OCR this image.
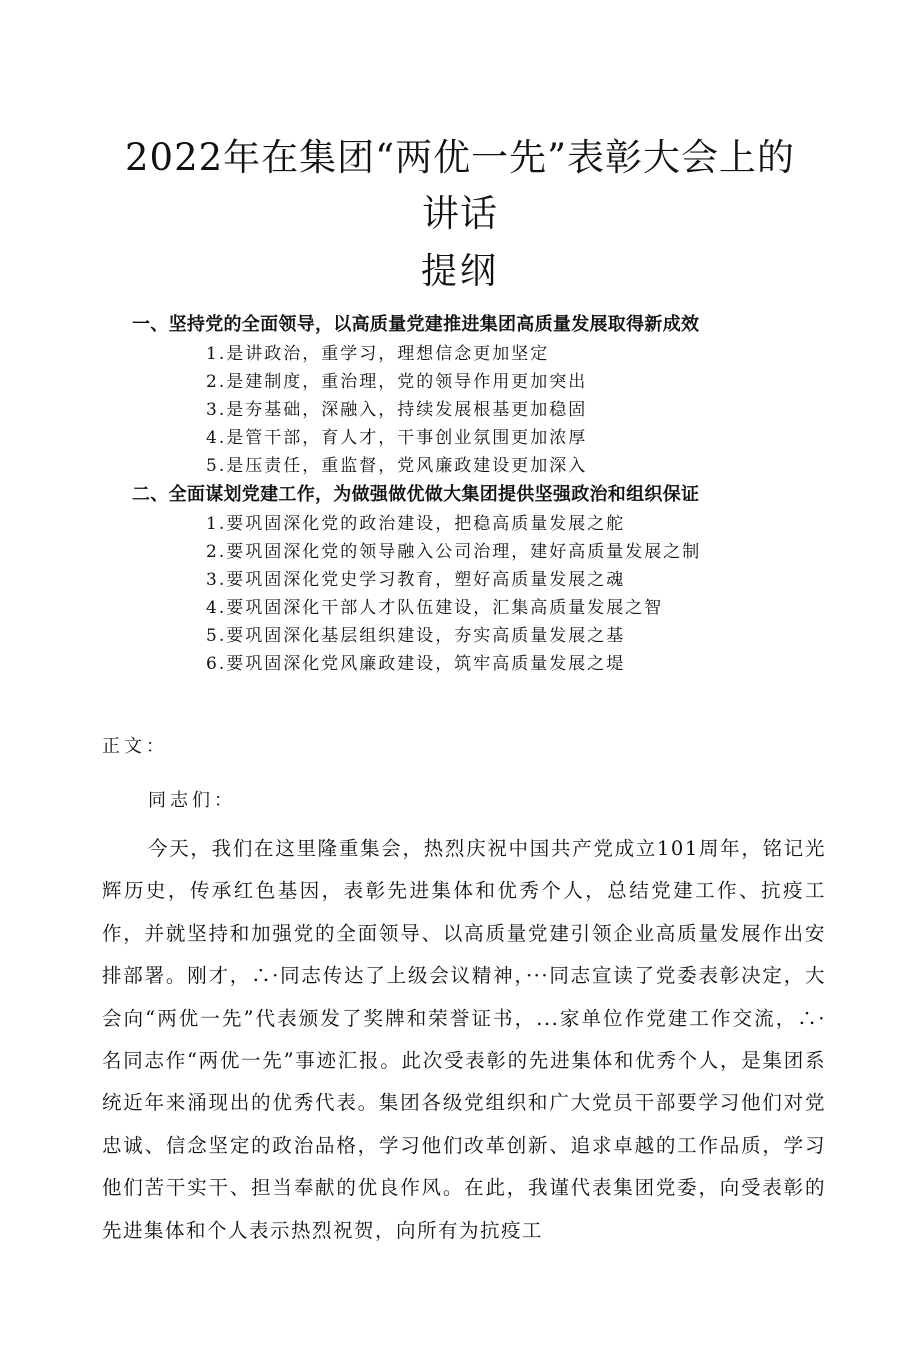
2022年在集团“两优一先”表彰大会上的
讲话
提纲
一、坚持党的全面领导，以高质量党建推进集团高质量发展取得新成效

1.是讲政治，重学习，理想信念更加坚定

2.是建制度，重治理，党的领导作用更加突出

3.是夯基础，深融入，持续发展根基更加稳固

4.是管干部，育人才，干事创业氛围更加浓厚

5.是压责任，重监督，党风廉政建设更加深入

二、全面谋划党建工作，为做强做优做大集团提供坚强政治和组织保证

1.要巩固深化党的政治建设，把稳高质量发展之舵

2.要巩固深化党的领导融入公司治理，建好高质量发展之制

3.要巩固深化党史学习教育，塑好高质量发展之魂

4.要巩固深化干部人才队伍建设，汇集高质量发展之智

5.要巩固深化基层组织建设，夯实高质量发展之基

6.要巩固深化党风廉政建设，筑牢高质量发展之堤

正文：
同志们：

今天，我们在这里隆重集会，热烈庆祝中国共产党成立101周年，铭记光辉历史，传承红色基因，表彰先进集体和优秀个人，总结党建工作、抗疫工作，并就坚持和加强党的全面领导、以高质量党建引领企业高质量发展作出安排部署。刚才，∴·同志传达了上级会议精神，···同志宣读了党委表彰决定，大会向“两优一先”代表颁发了奖牌和荣誉证书，...家单位作党建工作交流，∴·名同志作“两优一先”事迹汇报。此次受表彰的先进集体和优秀个人，是集团系统近年来涌现出的优秀代表。集团各级党组织和广大党员干部要学习他们对党忠诚、信念坚定的政治品格，学习他们改革创新、追求卓越的工作品质，学习他们苦干实干、担当奉献的优良作风。在此，我谨代表集团党委，向受表彰的先进集体和个人表示热烈祝贺，向所有为抗疫工
